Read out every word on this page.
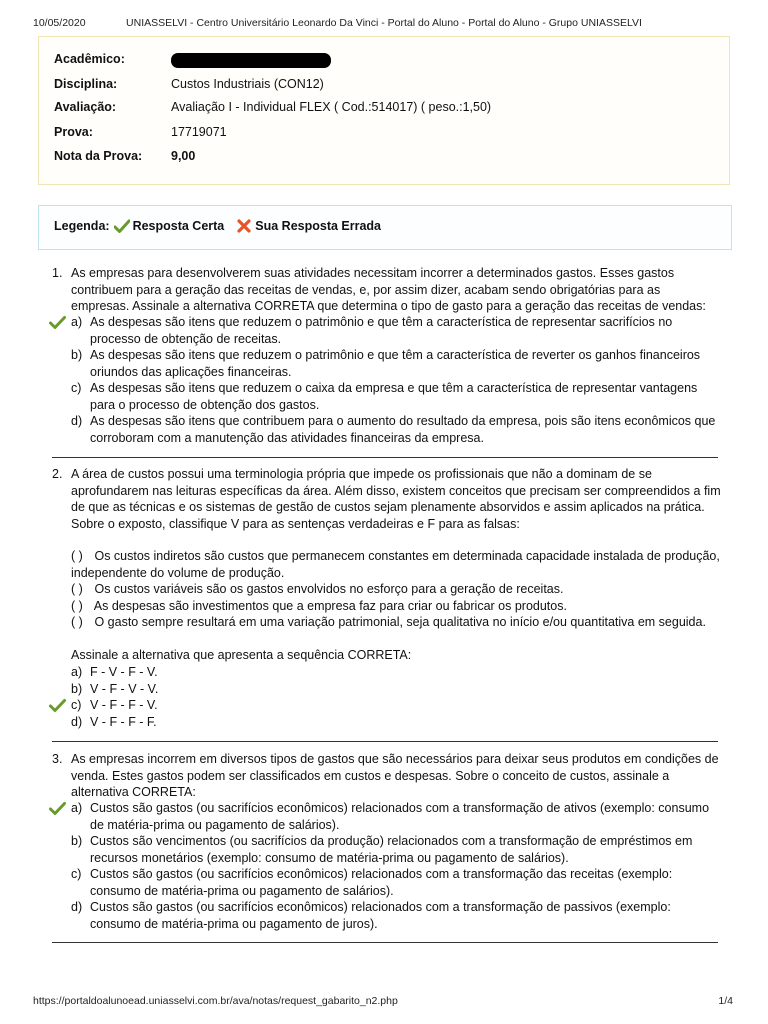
10/05/2020	UNIASSELVI - Centro Universitário Leonardo Da Vinci - Portal do Aluno - Portal do Aluno - Grupo UNIASSELVI
Acadêmico:
Disciplina:	Custos Industriais (CON12)
Avaliação:	Avaliação I - Individual FLEX ( Cod.:514017) ( peso.:1,50)
Prova:	17719071
Nota da Prova:	9,00
Legenda: Resposta Certa Sua Resposta Errada
1. As empresas para desenvolverem suas atividades necessitam incorrer a determinados gastos. Esses gastos contribuem para a geração das receitas de vendas, e, por assim dizer, acabam sendo obrigatórias para as empresas. Assinale a alternativa CORRETA que determina o tipo de gasto para a geração das receitas de vendas:
a) As despesas são itens que reduzem o patrimônio e que têm a característica de representar sacrifícios no processo de obtenção de receitas.
b) As despesas são itens que reduzem o patrimônio e que têm a característica de reverter os ganhos financeiros oriundos das aplicações financeiras.
c) As despesas são itens que reduzem o caixa da empresa e que têm a característica de representar vantagens para o processo de obtenção dos gastos.
d) As despesas são itens que contribuem para o aumento do resultado da empresa, pois são itens econômicos que corroboram com a manutenção das atividades financeiras da empresa.
2. A área de custos possui uma terminologia própria que impede os profissionais que não a dominam de se aprofundarem nas leituras específicas da área. Além disso, existem conceitos que precisam ser compreendidos a fim de que as técnicas e os sistemas de gestão de custos sejam plenamente absorvidos e assim aplicados na prática. Sobre o exposto, classifique V para as sentenças verdadeiras e F para as falsas:
( ) Os custos indiretos são custos que permanecem constantes em determinada capacidade instalada de produção, independente do volume de produção.
( ) Os custos variáveis são os gastos envolvidos no esforço para a geração de receitas.
( ) As despesas são investimentos que a empresa faz para criar ou fabricar os produtos.
( ) O gasto sempre resultará em uma variação patrimonial, seja qualitativa no início e/ou quantitativa em seguida.
Assinale a alternativa que apresenta a sequência CORRETA:
a) F - V - F - V.
b) V - F - V - V.
c) V - F - F - V.
d) V - F - F - F.
3. As empresas incorrem em diversos tipos de gastos que são necessários para deixar seus produtos em condições de venda. Estes gastos podem ser classificados em custos e despesas. Sobre o conceito de custos, assinale a alternativa CORRETA:
a) Custos são gastos (ou sacrifícios econômicos) relacionados com a transformação de ativos (exemplo: consumo de matéria-prima ou pagamento de salários).
b) Custos são vencimentos (ou sacrifícios da produção) relacionados com a transformação de empréstimos em recursos monetários (exemplo: consumo de matéria-prima ou pagamento de salários).
c) Custos são gastos (ou sacrifícios econômicos) relacionados com a transformação das receitas (exemplo: consumo de matéria-prima ou pagamento de salários).
d) Custos são gastos (ou sacrifícios econômicos) relacionados com a transformação de passivos (exemplo: consumo de matéria-prima ou pagamento de juros).
https://portaldoalunoead.uniasselvi.com.br/ava/notas/request_gabarito_n2.php	1/4
